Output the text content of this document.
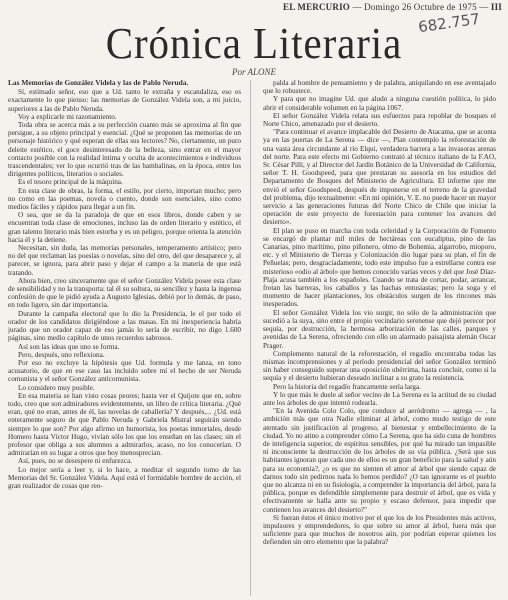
EL MERCURIO — Domingo 26 Octubre de 1975 — III
682.757
Crónica Literaria
Por ALONE

Las Memorias de González Videla y las de Pablo Neruda.

Sí, estimado señor, eso que a Ud. tanto le extraña y escandaliza, eso es exactamente lo que pienso: las memorias de González Videla son, a mi juicio, superiores a las de Pablo Neruda.

Voy a explicarle mi razonamiento.

Toda obra se acerca más a su perfección cuanto más se aproxima al fin que persigue, a su objeto principal y esencial. ¿Qué se proponen las memorias de un personaje histórico y qué esperan de ellas sus lectores? No, ciertamente, un puro deleite estético, el goce desinteresado de la belleza, sino entrar en el mayor contacto posible con la realidad íntima y oculta de acontecimientos e individuos trascendentales; ver lo que ocurrió tras de las bambalinas, en la época, entre los dirigentes políticos, literarios o sociales.

Es el tesoro principal de la máquina.

En esta clase de obras, la forma, el estilo, por cierto, importan mucho; pero no como en las poemas, novela o cuento, donde son esenciales, sino como medios fáciles y rápidos para llegar a un fin.

O sea, que se da la paradoja de que en esos libros, donde caben y se encuentran toda clase de emociones, incluso las de orden literario y estético, el gran talento literario más bien estorba y es un peligro, porque orienta la atención hacia él y la detiene.

Necesitan, sin duda, las memorias personales, temperamento artístico; pero no del que reclaman las poesías o novelas, sino del otro, del que desaparece y, al parecer, se ignora, para abrir paso y dejar el campo a la materia de que está tratando.

Ahora bien, creo sinceramente que el señor González Videla posee esta clase de sensibilidad y no la transporta: tal él su soltura, su sencillez y hasta la ingenua confesión de que le pidió ayuda a Augusto Iglesias, debió por lo demás, de paso, en todo ligero, sin dar importancia.

Durante la campaña electoral que lo dio la Presidencia, le el por todo el orador de los candidatos dirigiéndose a las masas. En mi inexperiencia habría jurado que un orador capaz de eso jamás lo sería de escribir, no digo 1.600 páginas, sino medio capítulo de unos recuerdos sabrosos.

Así son las ideas que uno se forma.

Pero, después, uno reflexiona.

Por eso no excluye la hipótesis que Ud. formula y me lanza, en tono acusatorio, de que en ese caso las incluido sobre mí el hecho de ser Neruda comunista y el señor González anticomunista.

Lo considero muy posible.

En esa materia se han visto cosas peores; hasta ver el Quijote que en, sobre todo, creo que son admiradores evidentemente, un libro de crítica literaria. ¿Qué eran, qué no eran, antes de él, las novelas de caballería? Y después,... ¿Ud. está enteramente seguro de que Pablo Neruda y Gabriela Mistral seguirán siendo siempre lo que son? Por algo afirmo un humorista, los poetas inmortales, desde Homero hasta Víctor Hugo, vivían sólo los que los enseñan en las clases; sin el profesor que obliga a sus alumnos a admirarlos, acaso, no los conocerían. O admirarían en su lugar a otros que hoy menosprecian.

Así, pues, no se desespere ni enfurezca.

Lo mejor sería a leer y, si lo hace, a meditar el segundo tomo de las Memorias del Sr. González Videla. Aquí está el formidable hombre de acción, el gran realizador de cosas que reo-

palda al hombre de pensamiento y de palabra, aniquilando en ese aventajado que lo robustece.

Y para que no imagine Ud. que aludo a ninguna cuestión política, lo pido abrir el considerable volumen en la página 1067.

El señor González Videla relata sus esfuerzos para repoblar de bosques el Norte Chico, amenazado por el desierto.

"Para continuar el avance implacable del Desierto de Atacama, que se aconta ya en las puertas de La Serena — dice —, Plan contemplo la reforestación de una vasta área circundante al río Elqui, verdadera barrera a las invasoras arenas del norte. Para este efecto mi Gobierno contrató al técnico italiano de la F.AO, Sr. César Pilli, y al Director del Jardín Botánico de la Universidad de California, señor T. H. Goodspeed, para que prestaran su asesoría en los estudios del Departamento de Bosques del Ministerio de Agricultura. El informe que me envió el señor Goodspeed, después de imponerse en el terreno de la gravedad del problema, dijo textualmente: «En mi opinión, V. E. no puede hacer un mayor servicio a las generaciones futuras del Norte Chico de Chile que iniciar la operación de este proyecto de forestación para contener los avances del desierto».

El plan se puso en marcha con toda celeridad y la Corporación de Fomento se encargó de plantar mil miles de hectáreas con eucaliptus, pino de las Canarias, pino marítimo, pino piñonero, olmo de Bohemia, algarrobo, mioporo, etc. y el Ministerio de Tierras y Colonización dio lugar para su plan, el fin de Peñuelas; pero, desgraciadamente, todo este impulso fue a estrellarse contra ese misterioso «odio al árbol» que hemos conocido varias veces y del que José Díaz-Plaja acusa también a los españoles. Cuando se trata de cortar, podar, arrancar, frotan las barreras, los caballos y las hachas entusiastas; pero la soga y el momento de hacer plantaciones, los obstáculos surgen de los rincones más inesperados.

El señor González Videla los vio surgir, no sólo de la administración que sucedió a la suya, sino entre el propio vecindario serenense que dejó perecer por sequía, por destrucción, la hermosa arborización de las calles, parques y avenidas de La Serena, ofreciendo con ello un alarmado paisajista alemán Oscar Prager.

Complemento natural de la reforestación, el regadío encontraba todas las mismas incomprensiones y al período presidencial del señor González terminó sin haber conseguido superar una oposición ubérrima, hasta concluir, como si la sequía y el desierto hubieran deseado inclinar a su grato la resistencia.

Pero la historia del regadío francamente sería larga.

Y lo que más le duele al señor vecino de La Serena es la actitud de su ciudad ante los árboles de que intentó rodearla.

"En la Avenida Colo Colo, que conduce al aeródromo — agrega — , la ambición más que otra Nadie eliminar al árbol, como mudo testigo de este atentado sin justificación al progreso, al bienestar y embellecimiento de la ciudad. Yo no atino a comprender cómo La Serena, que ha sido cuna de hombres de inteligencia superior, de espíritus sensibles, por qué ha mirado tan impasible ni inconsciente la destrucción de los árboles de su vía pública. ¿Será que sus habitantes ignoran que cada uno de ellos es un gran beneficio para la salud y aún para su economía?, ¿o es que no sienten el amor al árbol que siendo capaz de darnos todo sin pedirnos nada lo hemos perdido? ¿O tan ignorante es el pueblo que no alcanza ni en su fisiología, a comprender la importancia del árbol, para la pública, porque es defendible simplemente para destruir el árbol, que es vida y efectivamente se halla ante su propio y escaso defensor, para impedir que contienen los avances del desierto?"

Si fueran éstos el único motivo por el que los de los Presidentes más activos, impulsores y emprendedores, lo que sobre su amor al árbol, fuera más que suficiente para que muchos de nosotros aún, por podrían esperar quienes los defienden sin otro elemento que la palabra?
